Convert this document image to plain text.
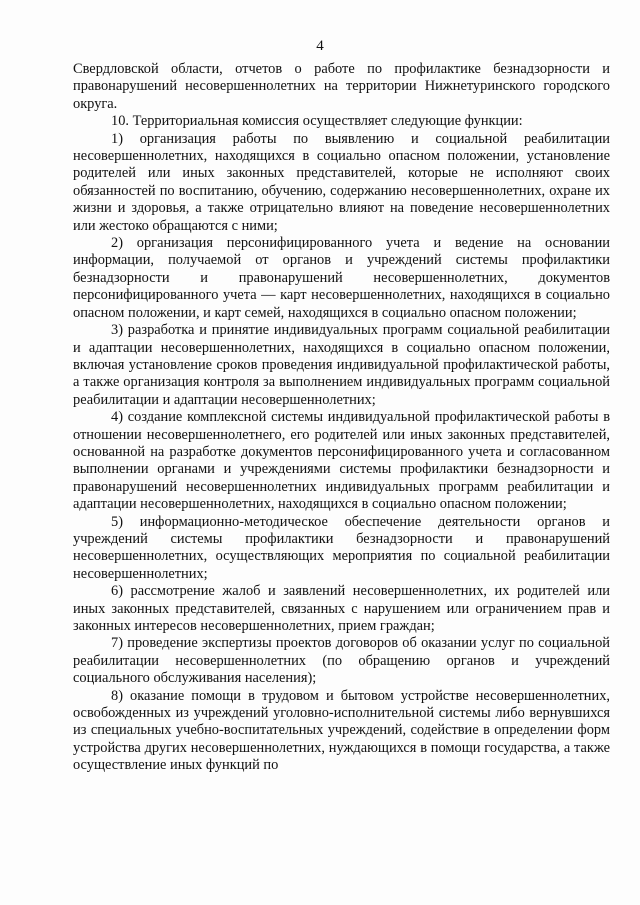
4

Свердловской области, отчетов о работе по профилактике безнадзорности и правонарушений несовершеннолетних на территории Нижнетуринского городского округа.

10. Территориальная комиссия осуществляет следующие функции:

1) организация работы по выявлению и социальной реабилитации несовершеннолетних, находящихся в социально опасном положении, установление родителей или иных законных представителей, которые не исполняют своих обязанностей по воспитанию, обучению, содержанию несовершеннолетних, охране их жизни и здоровья, а также отрицательно влияют на поведение несовершеннолетних или жестоко обращаются с ними;

2) организация персонифицированного учета и ведение на основании информации, получаемой от органов и учреждений системы профилактики безнадзорности и правонарушений несовершеннолетних, документов персонифицированного учета — карт несовершеннолетних, находящихся в социально опасном положении, и карт семей, находящихся в социально опасном положении;

3) разработка и принятие индивидуальных программ социальной реабилитации и адаптации несовершеннолетних, находящихся в социально опасном положении, включая установление сроков проведения индивидуальной профилактической работы, а также организация контроля за выполнением индивидуальных программ социальной реабилитации и адаптации несовершеннолетних;

4) создание комплексной системы индивидуальной профилактической работы в отношении несовершеннолетнего, его родителей или иных законных представителей, основанной на разработке документов персонифицированного учета и согласованном выполнении органами и учреждениями системы профилактики безнадзорности и правонарушений несовершеннолетних индивидуальных программ реабилитации и адаптации несовершеннолетних, находящихся в социально опасном положении;

5) информационно-методическое обеспечение деятельности органов и учреждений системы профилактики безнадзорности и правонарушений несовершеннолетних, осуществляющих мероприятия по социальной реабилитации несовершеннолетних;

6) рассмотрение жалоб и заявлений несовершеннолетних, их родителей или иных законных представителей, связанных с нарушением или ограничением прав и законных интересов несовершеннолетних, прием граждан;

7) проведение экспертизы проектов договоров об оказании услуг по социальной реабилитации несовершеннолетних (по обращению органов и учреждений социального обслуживания населения);

8) оказание помощи в трудовом и бытовом устройстве несовершеннолетних, освобожденных из учреждений уголовно-исполнительной системы либо вернувшихся из специальных учебно-воспитательных учреждений, содействие в определении форм устройства других несовершеннолетних, нуждающихся в помощи государства, а также осуществление иных функций по
